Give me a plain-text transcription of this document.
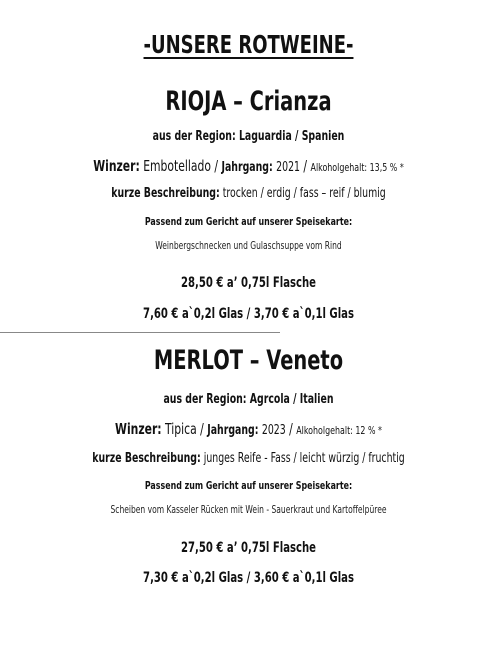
-UNSERE ROTWEINE-
RIOJA – Crianza
aus der Region: Laguardia / Spanien
Winzer: Embotellado / Jahrgang: 2021 / Alkoholgehalt: 13,5 % *
kurze Beschreibung: trocken / erdig / fass – reif / blumig
Passend zum Gericht auf unserer Speisekarte:
Weinbergschnecken und Gulaschsuppe vom Rind
28,50 € a’ 0,75l Flasche
7,60 € a`0,2l Glas / 3,70 € a`0,1l Glas
MERLOT – Veneto
aus der Region: Agrcola / Italien
Winzer: Tipica / Jahrgang: 2023 / Alkoholgehalt: 12 % *
kurze Beschreibung: junges Reife - Fass / leicht würzig / fruchtig
Passend zum Gericht auf unserer Speisekarte:
Scheiben vom Kasseler Rücken mit Wein - Sauerkraut und Kartoffelpüree
27,50 € a’ 0,75l Flasche
7,30 € a`0,2l Glas / 3,60 € a`0,1l Glas
